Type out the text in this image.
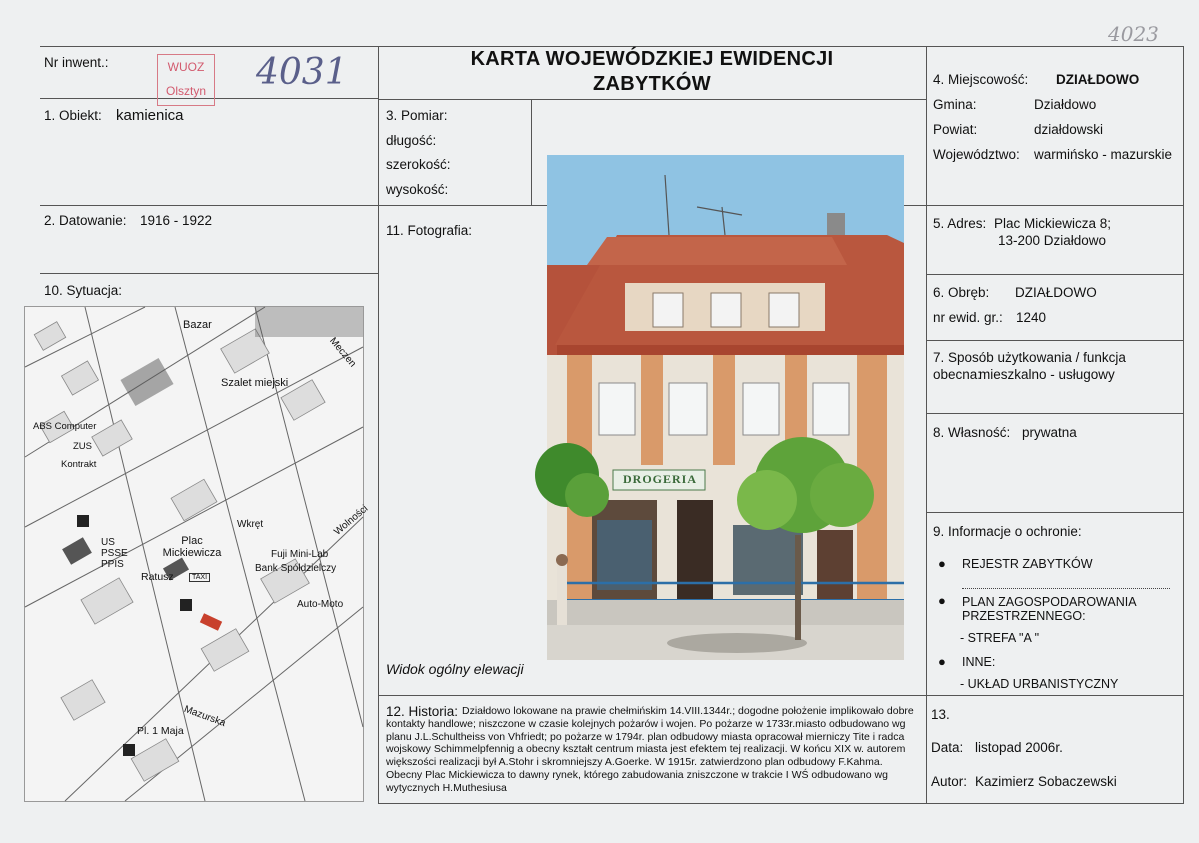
4023
Nr inwent.:	WUOZ
Olsztyn 4031	KARTA WOJEWÓDZKIEJ EWIDENCJI ZABYTKÓW	4. Miejscowość: DZIAŁDOWO
Gmina:	Działdowo
Powiat:	działdowski
Województwo: warmińsko - mazurskie
1. Obiekt: kamienica	3. Pomiar:
długość:
szerokość:
wysokość:
2. Datowanie: 1916 - 1922
11. Fotografia:	5. Adres: Plac Mickiewicza 8;
13-200 Działdowo
10. Sytuacja:	6. Obręb: DZIAŁDOWO
nr ewid. gr.: 1240
7. Sposób użytkowania / funkcja
obecna:
mieszkalno - usługowy
8. Własność: prywatna
9. Informacje o ochronie:
● REJESTR ZABYTKÓW
● PLAN ZAGOSPODAROWANIA PRZESTRZENNEGO:
- STREFA "A "
● INNE:
- UKŁAD URBANISTYCZNY
Bazar
Szalet miejski
Meczen
ABS Computer
ZUS
Kontrakt
US PSSE PPIS
Plac Mickiewicza
Ratusz	TAXI
Wkręt
Fuji Mini-Lab
Bank Spółdzielczy
Auto-Moto
Wolności
Mazurska
Pl. 1 Maja
DROGERIA
Widok ogólny elewacji
12. Historia: Działdowo lokowane na prawie chełmińskim 14.VIII.1344r.; dogodne położenie implikowało dobre kontakty handlowe; niszczone w czasie kolejnych pożarów i wojen. Po pożarze w 1733r.miasto odbudowano wg planu J.L.Schultheiss von Vhfriedt; po pożarze w 1794r. plan odbudowy miasta opracował mierniczy Tite i radca wojskowy Schimmelpfennig a obecny kształt centrum miasta jest efektem tej realizacji. W końcu XIX w. autorem większości realizacji był A.Stohr i skromniejszy A.Goerke. W 1915r. zatwierdzono plan odbudowy F.Kahma. Obecny Plac Mickiewicza to dawny rynek, którego zabudowania zniszczone w trakcie I WŚ odbudowano wg wytycznych H.Muthesiusa
13.
Data: listopad 2006r.
Autor: Kazimierz Sobaczewski
